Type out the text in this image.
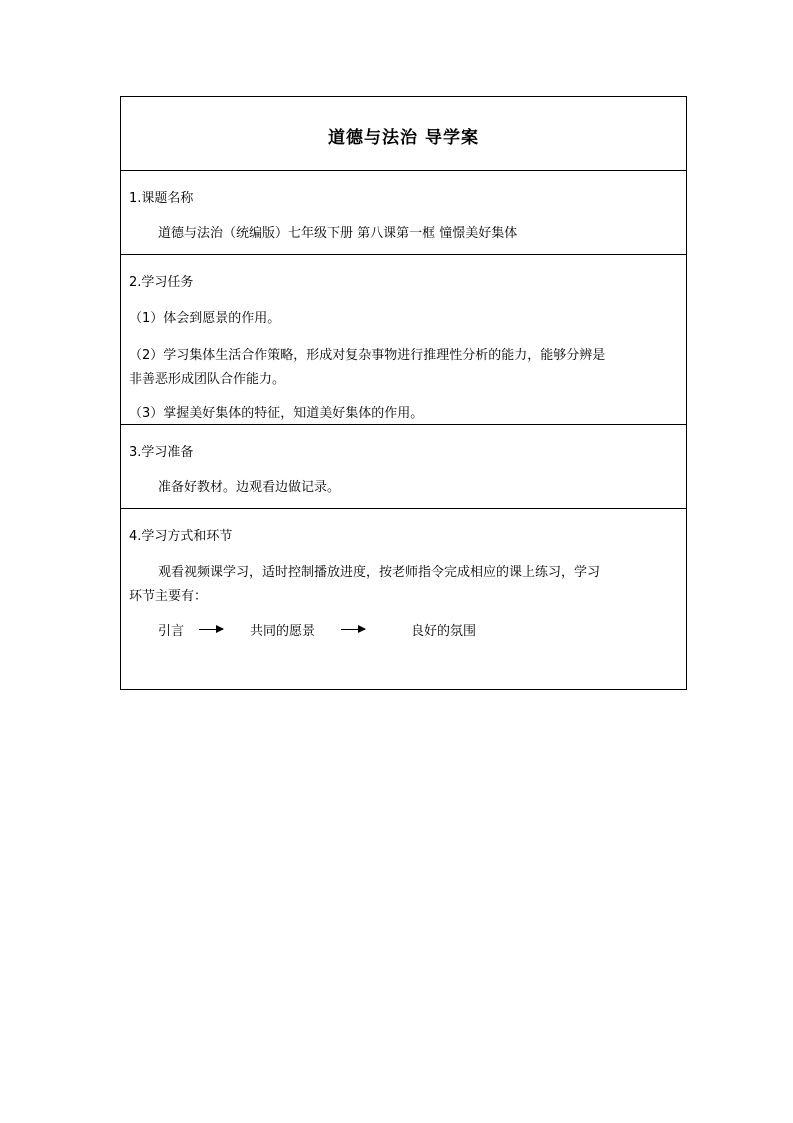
道德与法治 导学案
1.课题名称
道德与法治（统编版）七年级下册 第八课第一框 憧憬美好集体
2.学习任务
（1）体会到愿景的作用。
（2）学习集体生活合作策略，形成对复杂事物进行推理性分析的能力，能够分辨是
非善恶形成团队合作能力。
（3）掌握美好集体的特征，知道美好集体的作用。
3.学习准备
准备好教材。边观看边做记录。
4.学习方式和环节
观看视频课学习，适时控制播放进度，按老师指令完成相应的课上练习，学习
环节主要有：
引言	共同的愿景	良好的氛围
